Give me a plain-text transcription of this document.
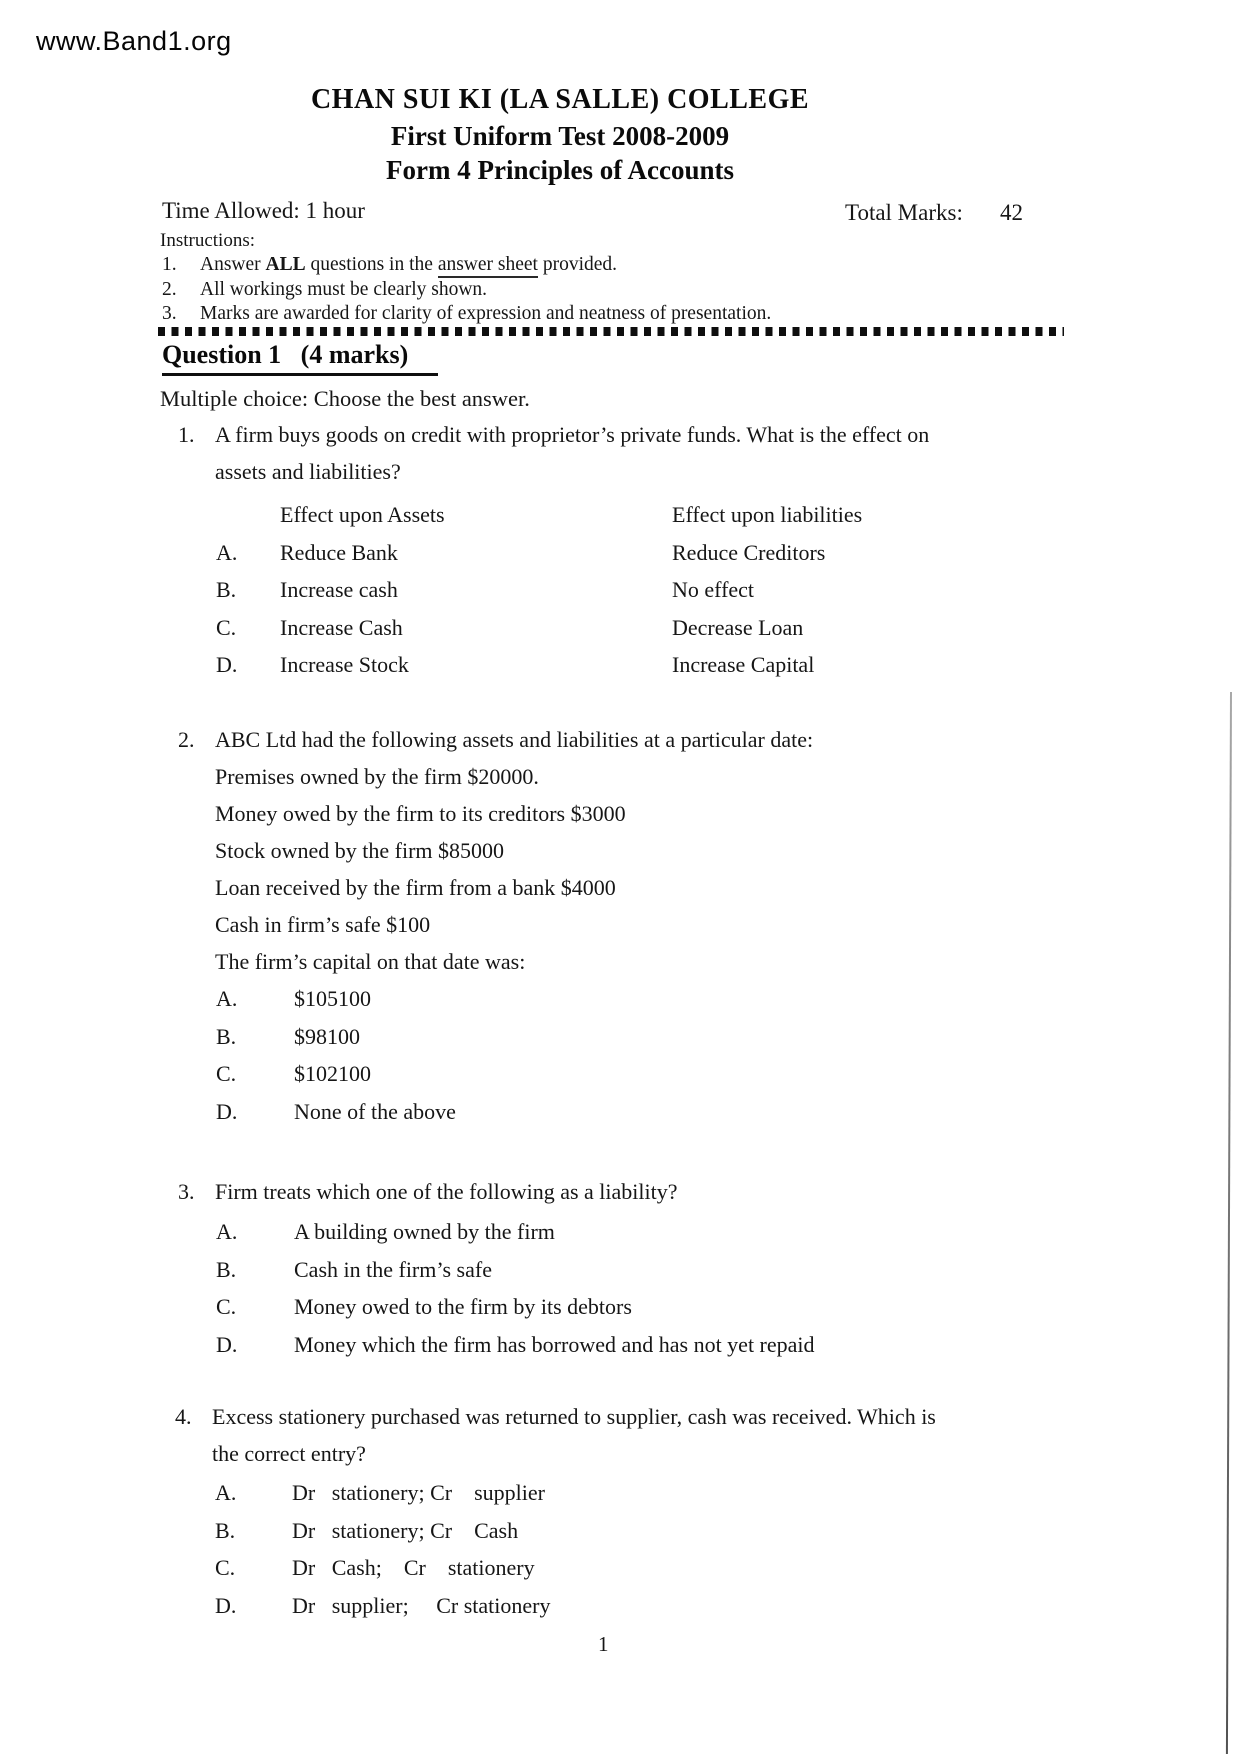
www.Band1.org
CHAN SUI KI (LA SALLE) COLLEGE
First Uniform Test 2008-2009
Form 4 Principles of Accounts
Time Allowed: 1 hour	Total Marks: 42
Instructions:
1.	Answer ALL questions in the answer sheet provided.
2.	All workings must be clearly shown.
3.	Marks are awarded for clarity of expression and neatness of presentation.
Question 1   (4 marks)
Multiple choice: Choose the best answer.
1. A firm buys goods on credit with proprietor’s private funds. What is the effect on
assets and liabilities?
Effect upon Assets	Effect upon liabilities
A.	Reduce Bank	Reduce Creditors
B.	Increase cash	No effect
C.	Increase Cash	Decrease Loan
D.	Increase Stock	Increase Capital
2. ABC Ltd had the following assets and liabilities at a particular date:
Premises owned by the firm $20000.
Money owed by the firm to its creditors $3000
Stock owned by the firm $85000
Loan received by the firm from a bank $4000
Cash in firm’s safe $100
The firm’s capital on that date was:
A.	$105100
B.	$98100
C.	$102100
D.	None of the above
3. Firm treats which one of the following as a liability?
A.	A building owned by the firm
B.	Cash in the firm’s safe
C.	Money owed to the firm by its debtors
D.	Money which the firm has borrowed and has not yet repaid
4. Excess stationery purchased was returned to supplier, cash was received. Which is
the correct entry?
A.	Dr   stationery; Cr    supplier
B.	Dr   stationery; Cr    Cash
C.	Dr   Cash;    Cr    stationery
D.	Dr   supplier;     Cr stationery
1
